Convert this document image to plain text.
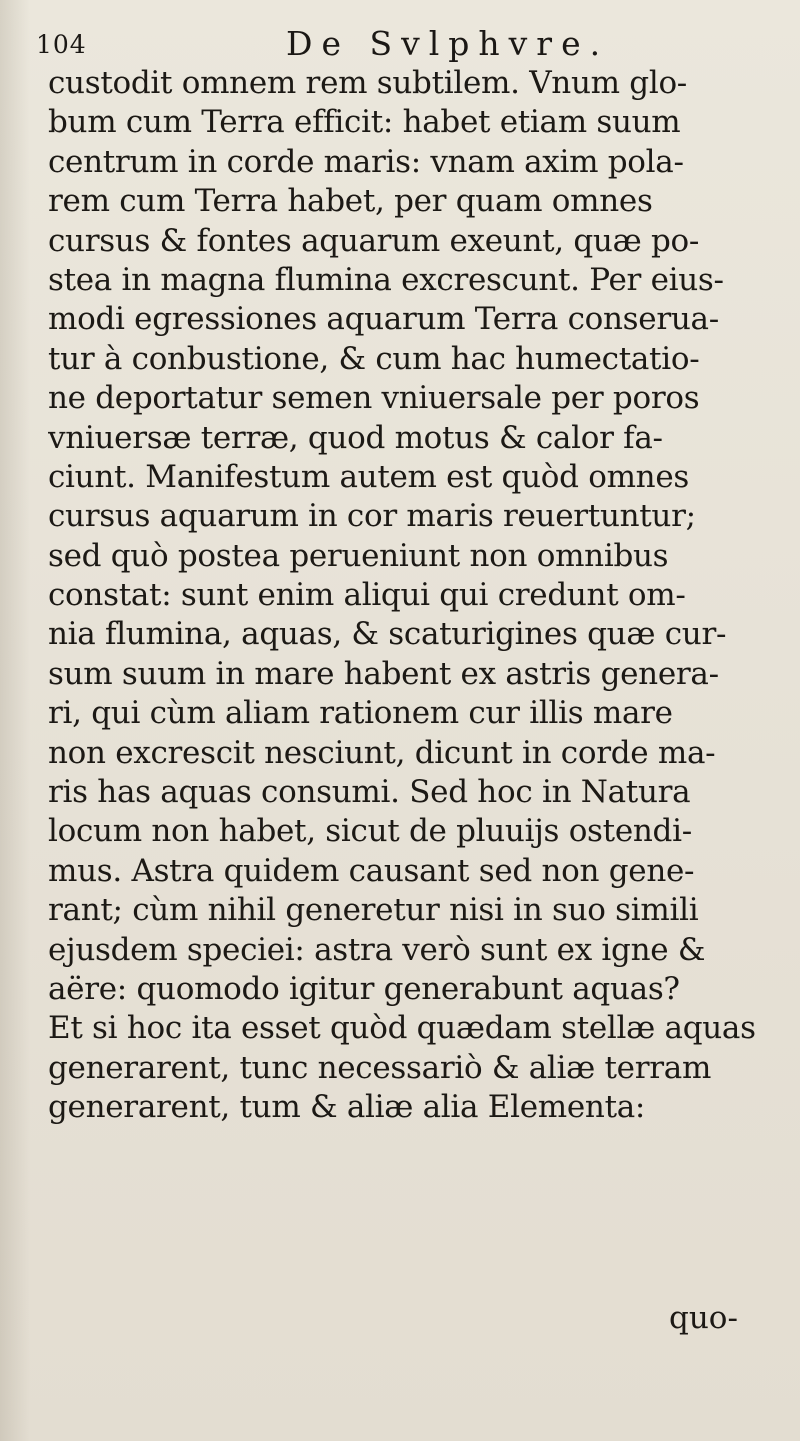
104	De Svlphvre.
custodit omnem rem subtilem. Vnum glo-
bum cum Terra efficit: habet etiam suum
centrum in corde maris: vnam axim pola-
rem cum Terra habet, per quam omnes
cursus & fontes aquarum exeunt, quæ po-
stea in magna flumina excrescunt. Per eius-
modi egressiones aquarum Terra conserua-
tur à conbustione, & cum hac humectatio-
ne deportatur semen vniuersale per poros
vniuersæ terræ, quod motus & calor fa-
ciunt. Manifestum autem est quòd omnes
cursus aquarum in cor maris reuertuntur;
sed quò postea perueniunt non omnibus
constat: sunt enim aliqui qui credunt om-
nia flumina, aquas, & scaturigines quæ cur-
sum suum in mare habent ex astris genera-
ri, qui cùm aliam rationem cur illis mare
non excrescit nesciunt, dicunt in corde ma-
ris has aquas consumi. Sed hoc in Natura
locum non habet, sicut de pluuijs ostendi-
mus. Astra quidem causant sed non gene-
rant; cùm nihil generetur nisi in suo simili
ejusdem speciei: astra verò sunt ex igne &
aëre: quomodo igitur generabunt aquas?
Et si hoc ita esset quòd quædam stellæ aquas
generarent, tunc necessariò & aliæ terram
generarent, tum & aliæ alia Elementa:
quo-
